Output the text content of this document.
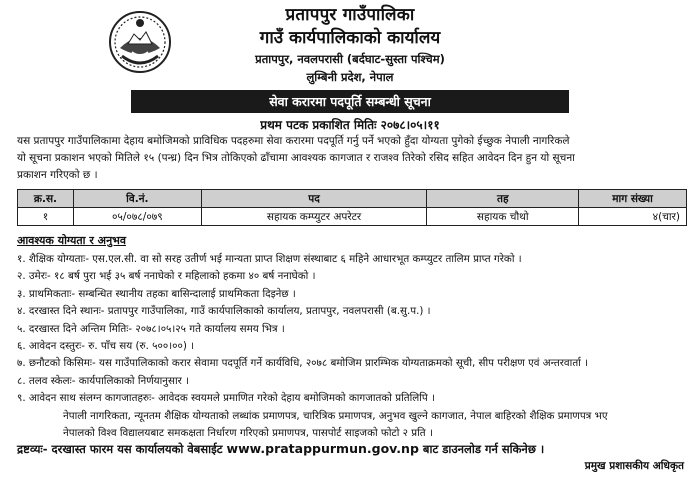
प्रतापपुर गाउँपालिका
गाउँ कार्यपालिकाको कार्यालय
प्रतापपुर, नवलपरासी (बर्दघाट-सुस्ता पश्चिम)
लुम्बिनी प्रदेश, नेपाल
सेवा करारमा पदपूर्ति सम्बन्धी सूचना
प्रथम पटक प्रकाशित मितिः २०७८।०५।११
यस प्रतापपुर गाउँपालिकामा देहाय बमोजिमको प्राविधिक पदहरुमा सेवा करारमा पदपूर्ति गर्नु पर्ने भएकाे हुँदा योग्यता पुगेको ईच्छुक नेपाली नागरिकले
यो सूचना प्रकाशन भएको मितिले १५ (पन्ध्र) दिन भित्र तोकिएको ढाँचामा आवश्यक कागजात र राजश्व तिरेको रसिद सहित आवेदन दिन हुन यो सूचना
प्रकाशन गरिएको छ ।
क्र.स.	वि.नं.	पद	तह	माग संख्या
१	०५/०७८/०७९	सहायक कम्प्युटर अपरेटर	सहायक चौथो	४(चार)
आवश्यक योग्यता र अनुभव
१. शैक्षिक योग्यताः- एस.एल.सी. वा सो सरह उतीर्ण भई मान्यता प्राप्त शिक्षण संस्थाबाट ६ महिने आधारभूत कम्प्युटर तालिम प्राप्त गरेको ।
२. उमेरः- १८ बर्ष पुरा भई ३५ बर्ष ननाघेको र महिलाको हकमा ४० बर्ष ननाघेको ।
३. प्राथमिकताः- सम्बन्धित स्थानीय तहका बासिन्दालाई प्राथमिकता दिइनेछ ।
४. दरखास्त दिने स्थानः- प्रतापपुर गाउँपालिका, गाउँ कार्यपालिकाको कार्यालय, प्रतापपुर, नवलपरासी (ब.सु.प.) ।
५. दरखास्त दिने अन्तिम मितिः- २०७८।०५।२५ गते कार्यालय समय भित्र ।
६. आवेदन दस्तुरः- रु. पाँच सय (रु. ५००।००) ।
७. छनौटको किसिमः- यस गाउँपालिकाको करार सेवामा पदपूर्ति गर्ने कार्यविधि, २०७८ बमोजिम प्रारम्भिक योग्यताक्रमको सूची, सीप परीक्षण एवं अन्तरवार्ता ।
८. तलव स्केलः- कार्यपालिकाको निर्णयानुसार ।
९. आवेदन साथ संलग्न कागजातहरुः- आवेदक स्वयमले प्रमाणित गरेको देहाय बमोजिमको कागजातको प्रतिलिपि ।
नेपाली नागरिकता, न्यूनतम शैक्षिक योग्यताको लब्धांक प्रमाणपत्र, चारित्रिक प्रमाणपत्र, अनुभव खुल्ने कागजात, नेपाल बाहिरको शैक्षिक प्रमाणपत्र भए
नेपालको विश्व विद्यालयबाट समकक्षता निर्धारण गरिएको प्रमाणपत्र, पासपोर्ट साइजको फोटो २ प्रति ।
द्रष्टव्यः- दरखास्त फारम यस कार्यालयको वेबसाईट www.pratappurmun.gov.np बाट डाउनलोड गर्न सकिनेछ ।
प्रमुख प्रशासकीय अधिकृत
